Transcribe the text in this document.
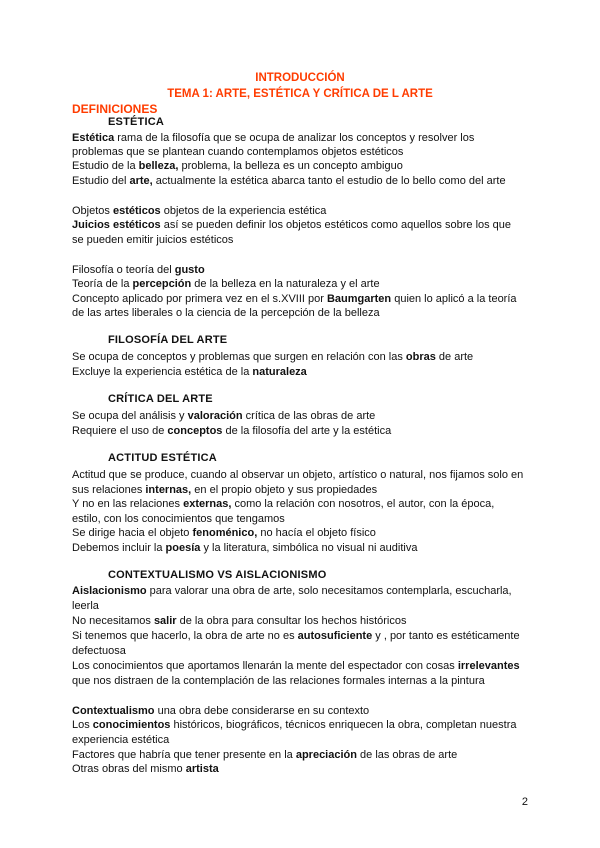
INTRODUCCIÓN
TEMA 1: ARTE, ESTÉTICA Y CRÍTICA DE L ARTE
DEFINICIONES
ESTÉTICA
Estética rama de la filosofía que se ocupa de analizar los conceptos y resolver los
problemas que se plantean cuando contemplamos objetos estéticos
Estudio de la belleza, problema, la belleza es un concepto ambiguo
Estudio del arte, actualmente la estética abarca tanto el estudio de lo bello como del arte
Objetos estéticos objetos de la experiencia estética
Juicios estéticos así se pueden definir los objetos estéticos como aquellos sobre los que
se pueden emitir juicios estéticos
Filosofía o teoría del gusto
Teoría de la percepción de la belleza en la naturaleza y el arte
Concepto aplicado por primera vez en el s.XVIII por Baumgarten quien lo aplicó a la teoría
de las artes liberales o la ciencia de la percepción de la belleza
FILOSOFÍA DEL ARTE
Se ocupa de conceptos y problemas que surgen en relación con las obras de arte
Excluye la experiencia estética de la naturaleza
CRÍTICA DEL ARTE
Se ocupa del análisis y valoración crítica de las obras de arte
Requiere el uso de conceptos de la filosofía del arte y la estética
ACTITUD ESTÉTICA
Actitud que se produce, cuando al observar un objeto, artístico o natural, nos fijamos solo en
sus relaciones internas, en el propio objeto y sus propiedades
Y no en las relaciones externas, como la relación con nosotros, el autor, con la época,
estilo, con los conocimientos que tengamos
Se dirige hacia el objeto fenoménico, no hacía el objeto físico
Debemos incluir la poesía y la literatura, simbólica no visual ni auditiva
CONTEXTUALISMO VS AISLACIONISMO
Aislacionismo para valorar una obra de arte, solo necesitamos contemplarla, escucharla,
leerla
No necesitamos salir de la obra para consultar los hechos históricos
Si tenemos que hacerlo, la obra de arte no es autosuficiente y , por tanto es estéticamente
defectuosa
Los conocimientos que aportamos llenarán la mente del espectador con cosas irrelevantes
que nos distraen de la contemplación de las relaciones formales internas a la pintura
Contextualismo una obra debe considerarse en su contexto
Los conocimientos históricos, biográficos, técnicos enriquecen la obra, completan nuestra
experiencia estética
Factores que habría que tener presente en la apreciación de las obras de arte
Otras obras del mismo artista
2
